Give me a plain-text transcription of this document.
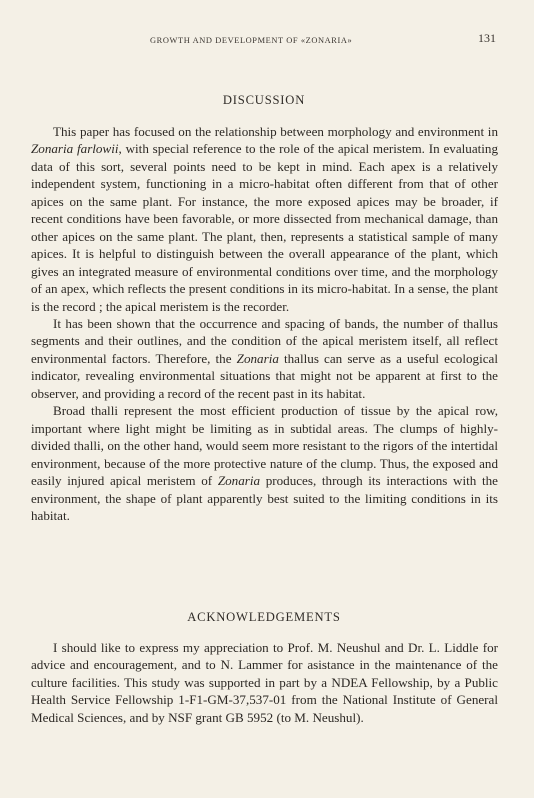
GROWTH AND DEVELOPMENT OF «ZONARIA»	131
DISCUSSION

This paper has focused on the relationship between morphology and environment in Zonaria farlowii, with special reference to the role of the apical meristem. In evaluating data of this sort, several points need to be kept in mind. Each apex is a relatively independent system, functioning in a micro-habitat often different from that of other apices on the same plant. For instance, the more exposed apices may be broader, if recent conditions have been favorable, or more dissected from mechanical damage, than other apices on the same plant. The plant, then, represents a statistical sample of many apices. It is helpful to distinguish between the overall appearance of the plant, which gives an integrated measure of environmental conditions over time, and the morphology of an apex, which reflects the present conditions in its micro-habitat. In a sense, the plant is the record ; the apical meristem is the recorder.

It has been shown that the occurrence and spacing of bands, the number of thallus segments and their outlines, and the condition of the apical meristem itself, all reflect environmental factors. Therefore, the Zonaria thallus can serve as a useful ecological indicator, revealing environmental situations that might not be apparent at first to the observer, and providing a record of the recent past in its habitat.

Broad thalli represent the most efficient production of tissue by the apical row, important where light might be limiting as in subtidal areas. The clumps of highly-divided thalli, on the other hand, would seem more resistant to the rigors of the intertidal environment, because of the more protective nature of the clump. Thus, the exposed and easily injured apical meristem of Zonaria produces, through its interactions with the environment, the shape of plant apparently best suited to the limiting conditions in its habitat.

ACKNOWLEDGEMENTS

I should like to express my appreciation to Prof. M. Neushul and Dr. L. Liddle for advice and encouragement, and to N. Lammer for asistance in the maintenance of the culture facilities. This study was supported in part by a NDEA Fellowship, by a Public Health Service Fellowship 1-F1-GM-37,537-01 from the National Institute of General Medical Sciences, and by NSF grant GB 5952 (to M. Neushul).
